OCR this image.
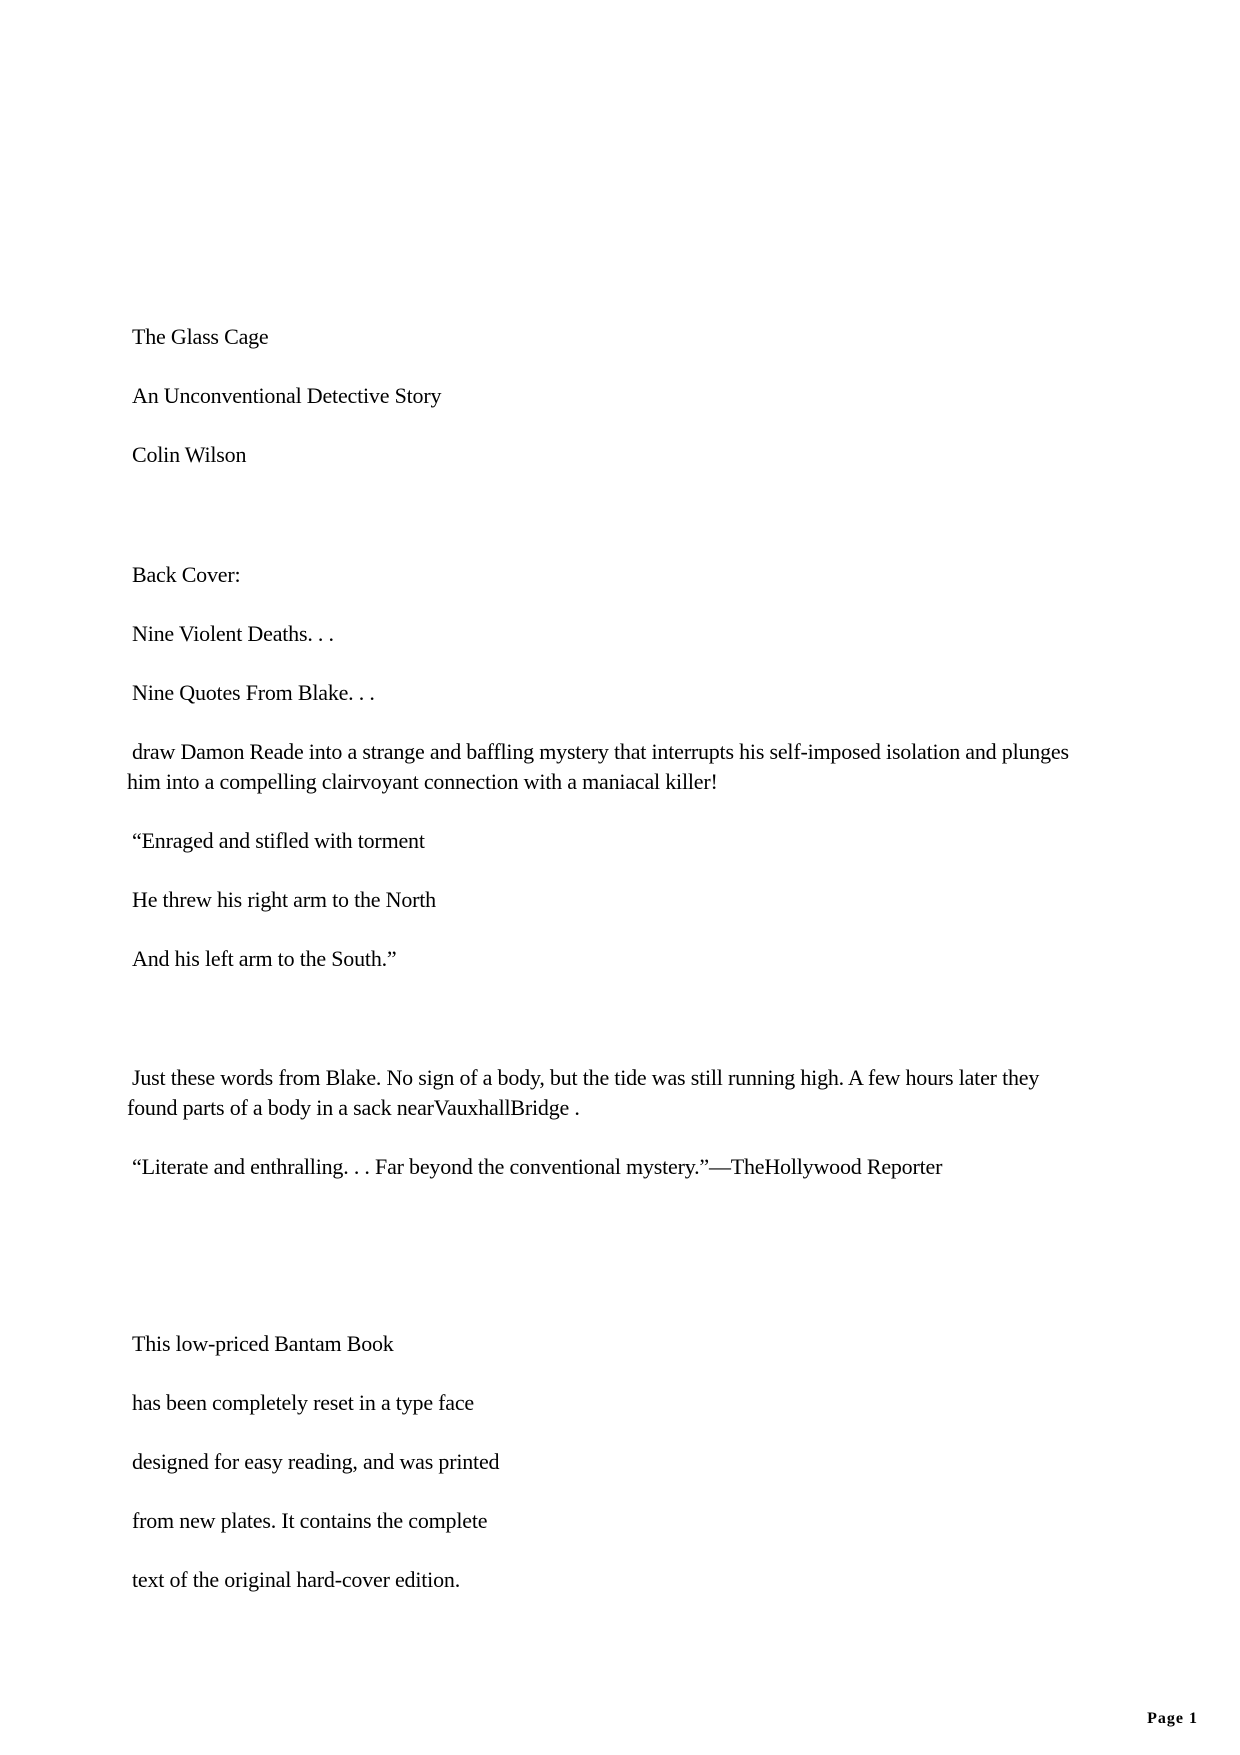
The Glass Cage
An Unconventional Detective Story
Colin Wilson
Back Cover:
Nine Violent Deaths. . .
Nine Quotes From Blake. . .
draw Damon Reade into a strange and baffling mystery that interrupts his self-imposed isolation and plunges him into a compelling clairvoyant connection with a maniacal killer!
“Enraged and stifled with torment
He threw his right arm to the North
And his left arm to the South.”
Just these words from Blake. No sign of a body, but the tide was still running high. A few hours later they found parts of a body in a sack nearVauxhallBridge .
“Literate and enthralling. . . Far beyond the conventional mystery.”—TheHollywood Reporter
This low-priced Bantam Book
has been completely reset in a type face
designed for easy reading, and was printed
from new plates. It contains the complete
text of the original hard-cover edition.
Page 1
